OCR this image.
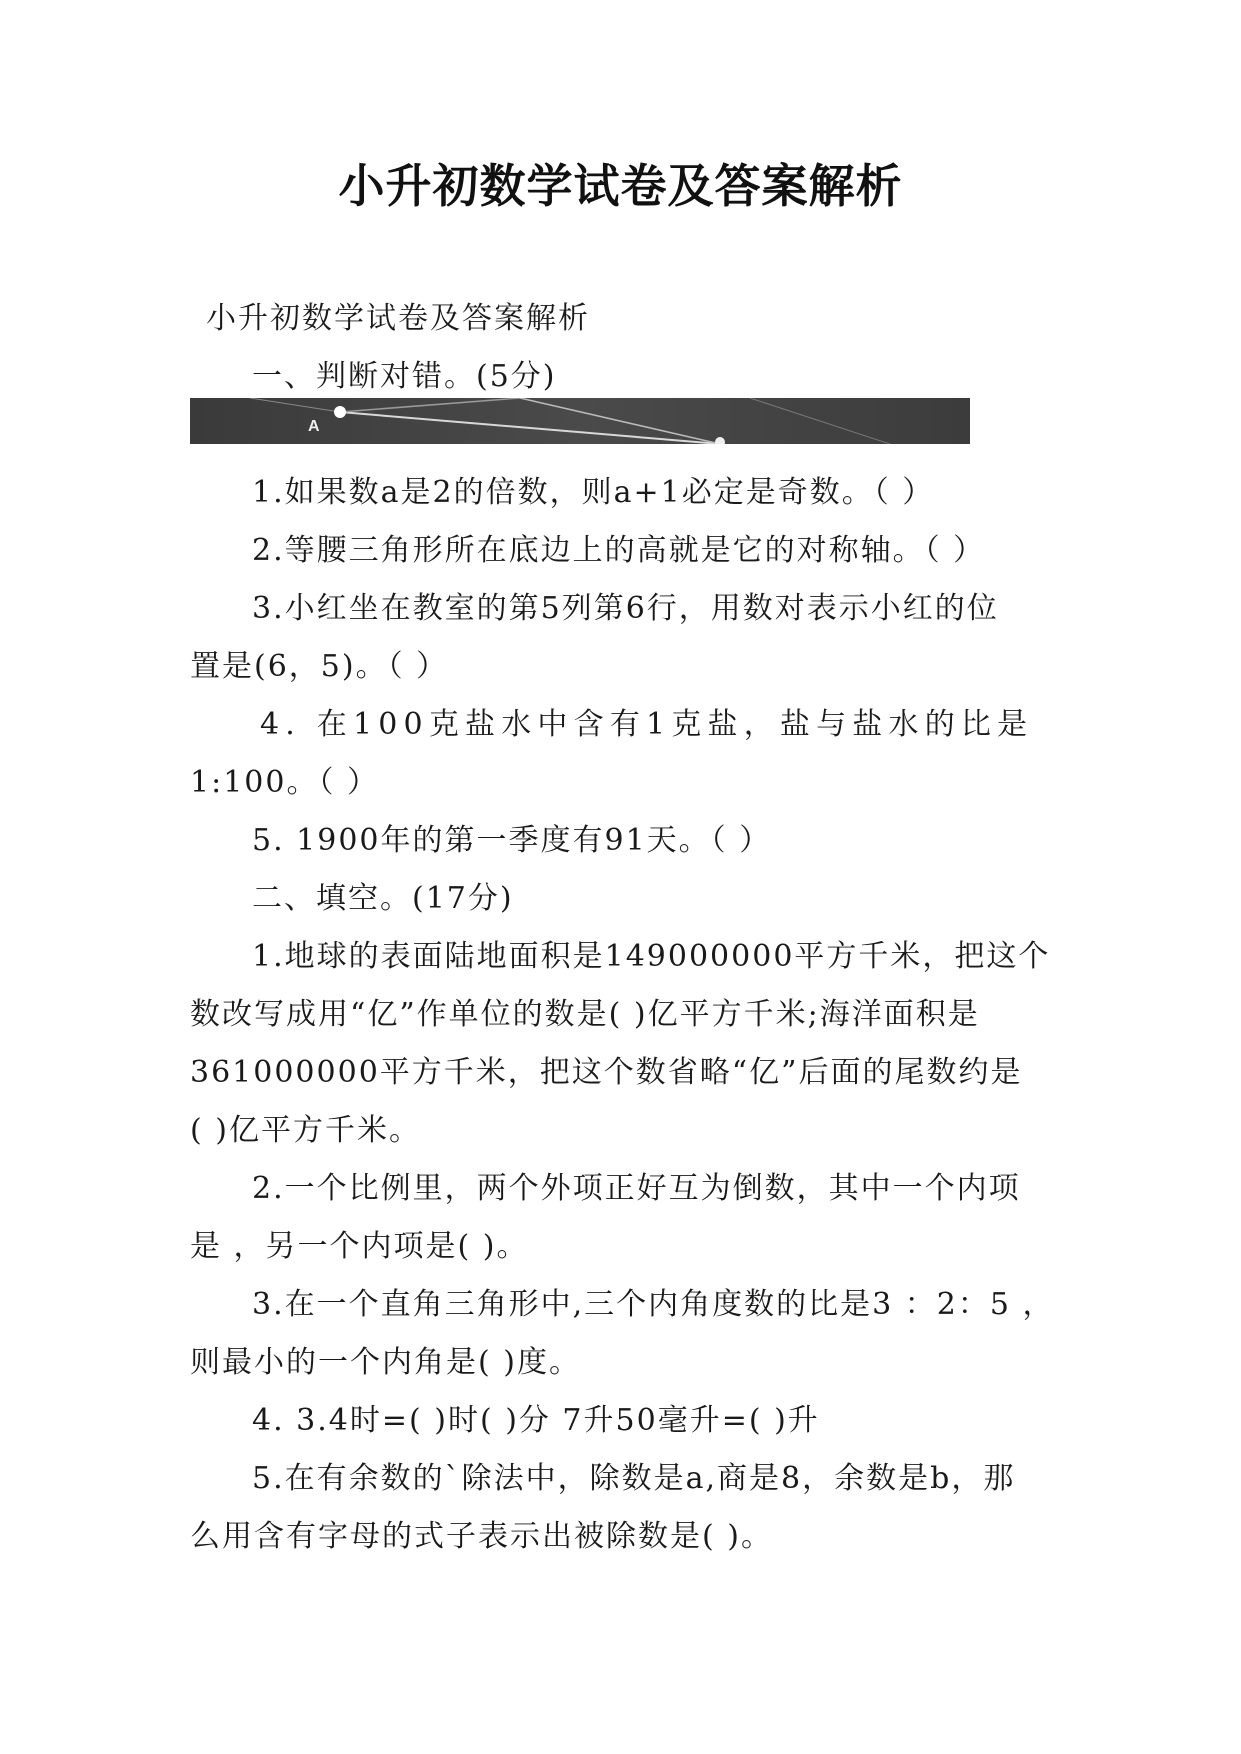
小升初数学试卷及答案解析
A
小升初数学试卷及答案解析
一、判断对错。(5分)
1.如果数a是2的倍数，则a+1必定是奇数。（ ）
2.等腰三角形所在底边上的高就是它的对称轴。（ ）
3.小红坐在教室的第5列第6行，用数对表示小红的位
置是(6，5)。（ ）
4. 在100克盐水中含有1克盐，盐与盐水的比是
1:100。（ ）
5. 1900年的第一季度有91天。（ ）
二、填空。(17分)
1.地球的表面陆地面积是149000000平方千米，把这个
数改写成用“亿”作单位的数是( )亿平方千米;海洋面积是
361000000平方千米，把这个数省略“亿”后面的尾数约是
( )亿平方千米。
2.一个比例里，两个外项正好互为倒数，其中一个内项
是 ，另一个内项是( )。
3.在一个直角三角形中,三个内角度数的比是3 ：2：5 ，
则最小的一个内角是( )度。
4. 3.4时=( )时( )分 7升50毫升=( )升
5.在有余数的`除法中，除数是a,商是8，余数是b，那
么用含有字母的式子表示出被除数是( )。
